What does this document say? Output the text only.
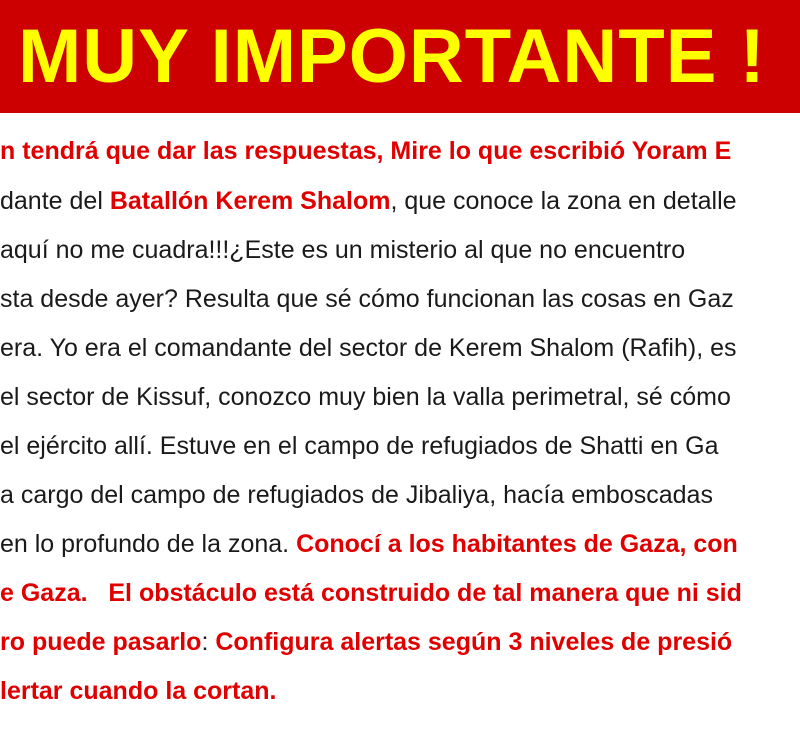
MUY IMPORTANTE !
n tendrá que dar las respuestas, Mire lo que escribió Yoram E
dante del Batallón Kerem Shalom, que conoce la zona en detalle
aquí no me cuadra!!!¿Este es un misterio al que no encuentro
sta desde ayer? Resulta que sé cómo funcionan las cosas en Gaz
era. Yo era el comandante del sector de Kerem Shalom (Rafih), es
el sector de Kissuf, conozco muy bien la valla perimetral, sé cómo
el ejército allí. Estuve en el campo de refugiados de Shatti en Ga
a cargo del campo de refugiados de Jibaliya, hacía emboscadas
en lo profundo de la zona. Conocí a los habitantes de Gaza, con
e Gaza.   El obstáculo está construido de tal manera que ni sid
ro puede pasarlo: Configura alertas según 3 niveles de presió
lertar cuando la cortan.
